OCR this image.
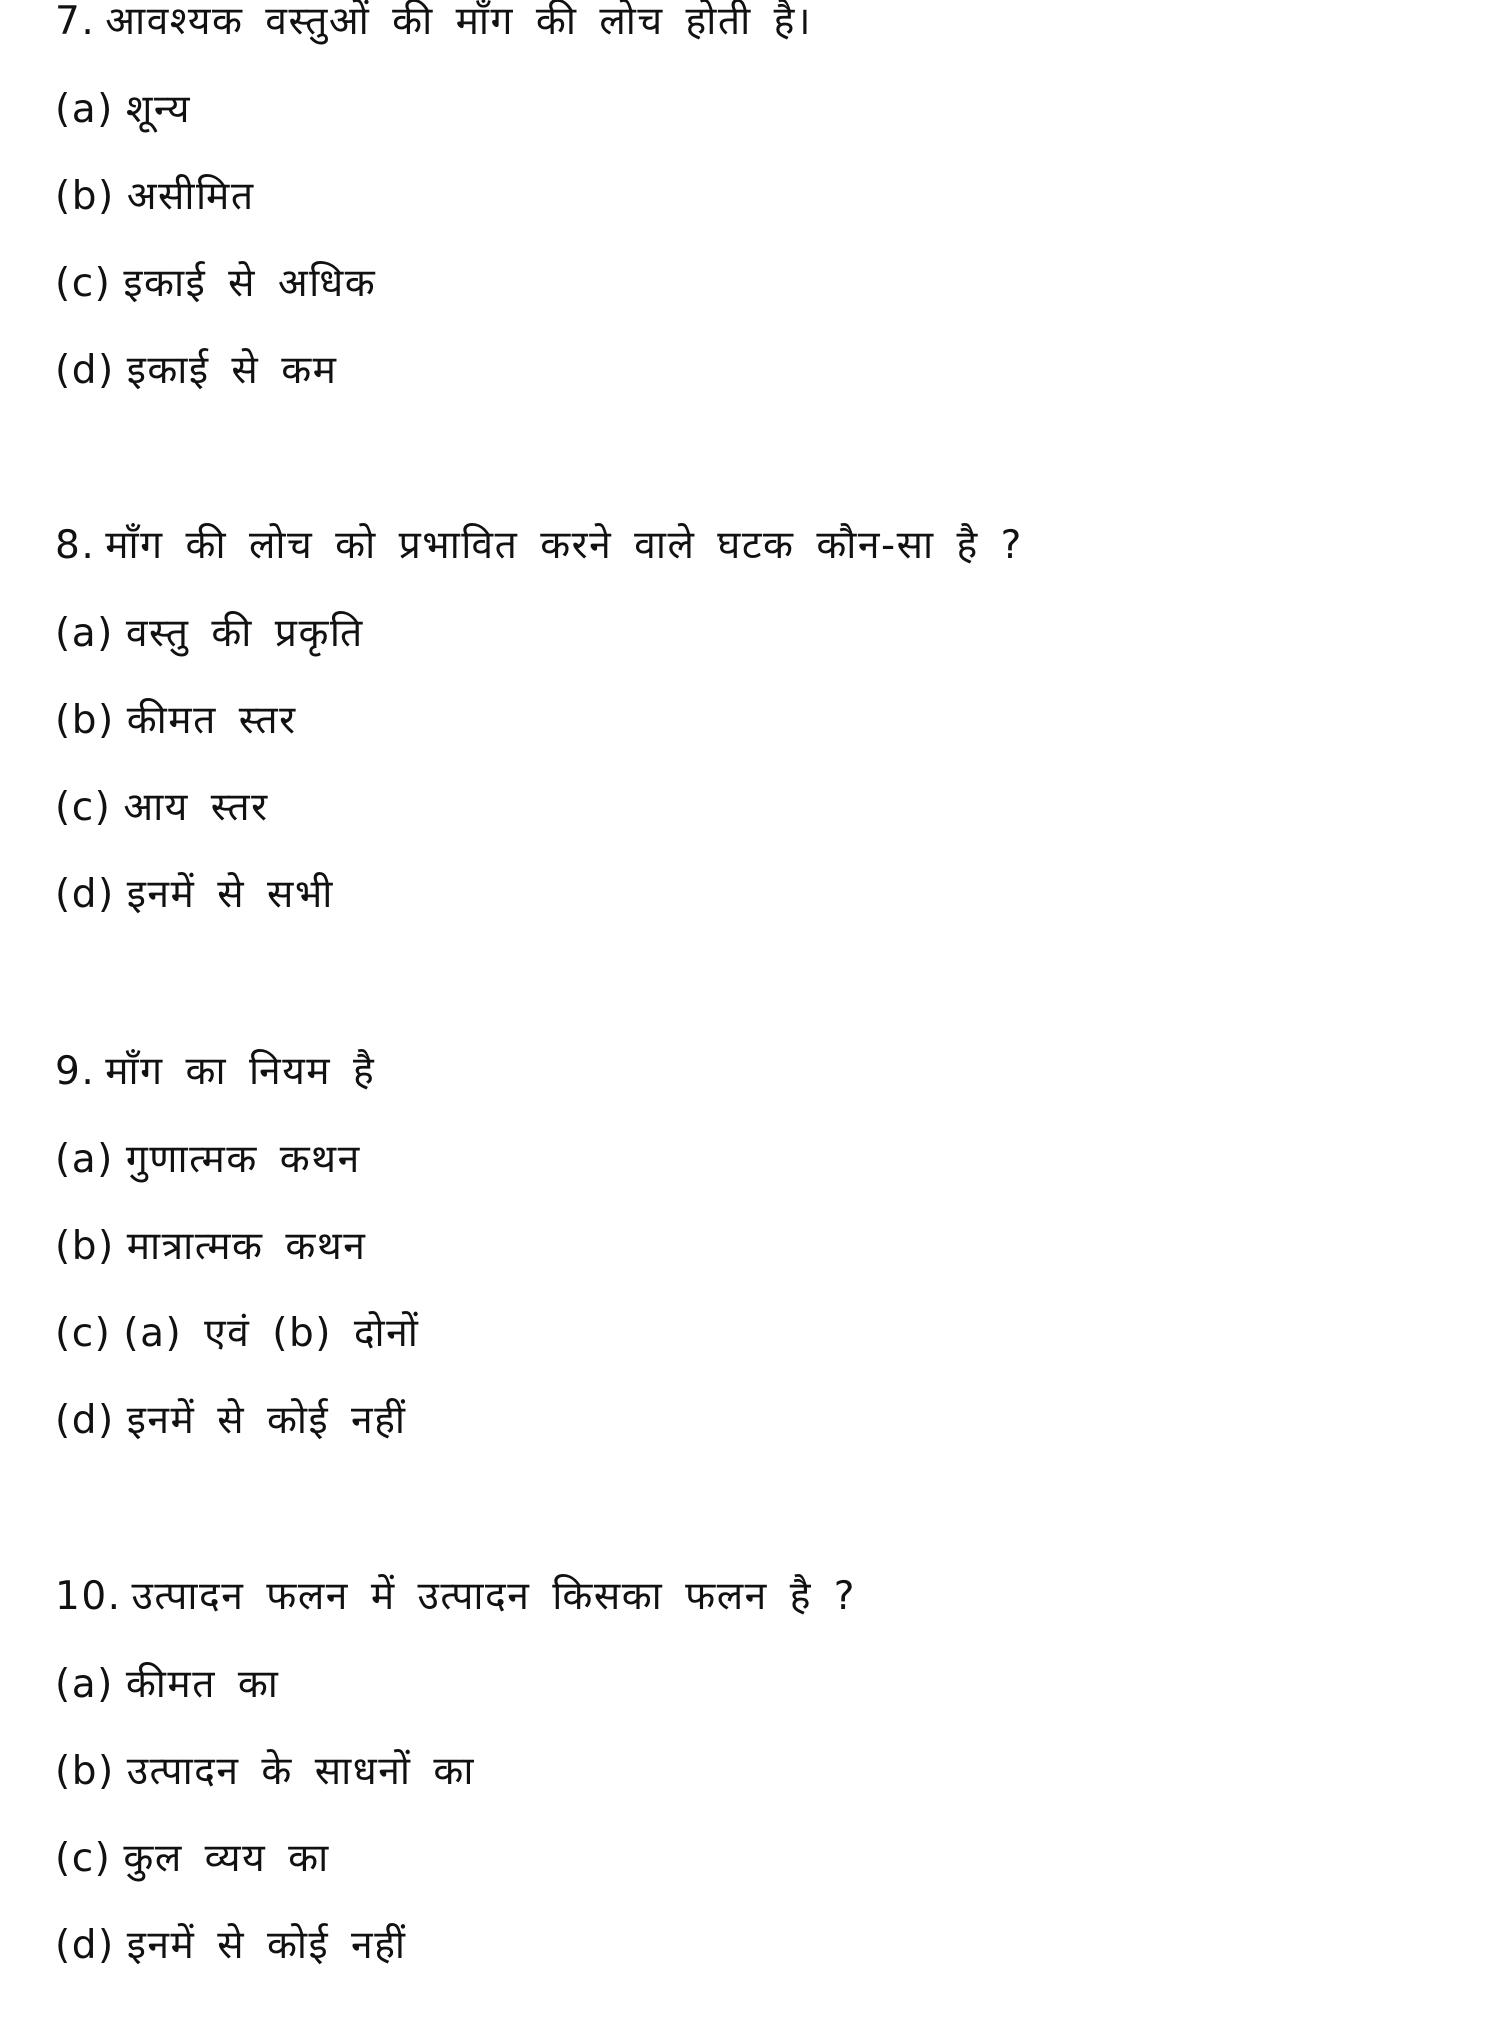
7. आवश्यक वस्तुओं की माँग की लोच होती है।
(a) शून्य
(b) असीमित
(c) इकाई से अधिक
(d) इकाई से कम
8. माँग की लोच को प्रभावित करने वाले घटक कौन-सा है ?
(a) वस्तु की प्रकृति
(b) कीमत स्तर
(c) आय स्तर
(d) इनमें से सभी
9. माँग का नियम है
(a) गुणात्मक कथन
(b) मात्रात्मक कथन
(c) (a) एवं (b) दोनों
(d) इनमें से कोई नहीं
10. उत्पादन फलन में उत्पादन किसका फलन है ?
(a) कीमत का
(b) उत्पादन के साधनों का
(c) कुल व्यय का
(d) इनमें से कोई नहीं
